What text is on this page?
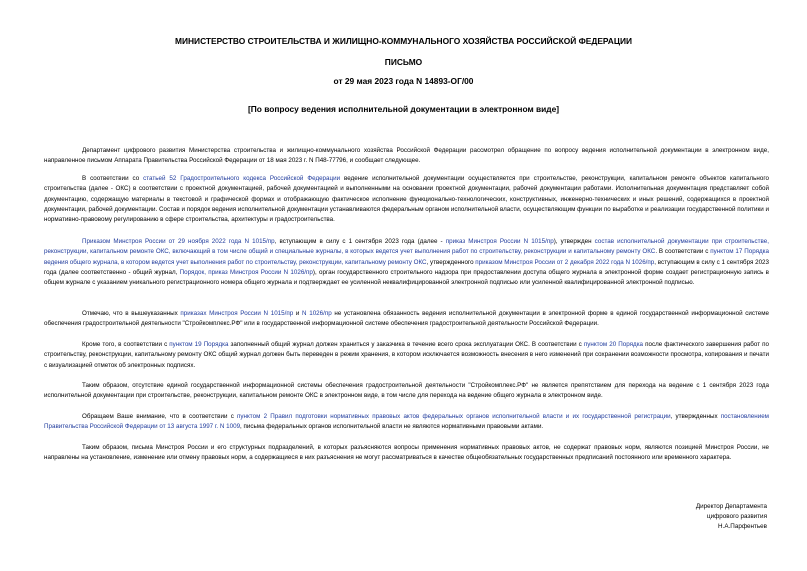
МИНИСТЕРСТВО СТРОИТЕЛЬСТВА И ЖИЛИЩНО-КОММУНАЛЬНОГО ХОЗЯЙСТВА РОССИЙСКОЙ ФЕДЕРАЦИИ
ПИСЬМО
от 29 мая 2023 года N 14893-ОГ/00
[По вопросу ведения исполнительной документации в электронном виде]

Департамент цифрового развития Министерства строительства и жилищно-коммунального хозяйства Российской Федерации рассмотрел обращение по вопросу ведения исполнительной документации в электронном виде, направленное письмом Аппарата Правительства Российской Федерации от 18 мая 2023 г. N П48-77796, и сообщает следующее.

В соответствии со статьей 52 Градостроительного кодекса Российской Федерации ведение исполнительной документации осуществляется при строительстве, реконструкции, капитальном ремонте объектов капитального строительства (далее - ОКС) в соответствии с проектной документацией, рабочей документацией и выполненными на основании проектной документации, рабочей документации работами. Исполнительная документация представляет собой документацию, содержащую материалы в текстовой и графической формах и отображающую фактическое исполнение функционально-технологических, конструктивных, инженерно-технических и иных решений, содержащихся в проектной документации, рабочей документации. Состав и порядок ведения исполнительной документации устанавливаются федеральным органом исполнительной власти, осуществляющим функции по выработке и реализации государственной политики и нормативно-правовому регулированию в сфере строительства, архитектуры и градостроительства.

Приказом Минстроя России от 29 ноября 2022 года N 1015/пр, вступающим в силу с 1 сентября 2023 года (далее - приказ Минстроя России N 1015/пр), утвержден состав исполнительной документации при строительстве, реконструкции, капитальном ремонте ОКС, включающий в том числе общий и специальные журналы, в которых ведется учет выполнения работ по строительству, реконструкции и капитальному ремонту ОКС. В соответствии с пунктом 17 Порядка ведения общего журнала, в котором ведется учет выполнения работ по строительству, реконструкции, капитальному ремонту ОКС, утвержденного приказом Минстроя России от 2 декабря 2022 года N 1026/пр, вступающим в силу с 1 сентября 2023 года (далее соответственно - общий журнал, Порядок, приказ Минстроя России N 1026/пр), орган государственного строительного надзора при предоставлении доступа общего журнала в электронной форме создает регистрационную запись в общем журнале с указанием уникального регистрационного номера общего журнала и подтверждает ее усиленной неквалифицированной электронной подписью или усиленной квалифицированной электронной подписью.

Отмечаю, что в вышеуказанных приказах Минстроя России N 1015/пр и N 1026/пр не установлена обязанность ведения исполнительной документации в электронной форме в единой государственной информационной системе обеспечения градостроительной деятельности "Стройкомплекс.РФ" или в государственной информационной системе обеспечения градостроительной деятельности Российской Федерации.

Кроме того, в соответствии с пунктом 19 Порядка заполненный общий журнал должен храниться у заказчика в течение всего срока эксплуатации ОКС. В соответствии с пунктом 20 Порядка после фактического завершения работ по строительству, реконструкции, капитальному ремонту ОКС общий журнал должен быть переведен в режим хранения, в котором исключается возможность внесения в него изменений при сохранении возможности просмотра, копирования и печати с визуализацией отметок об электронных подписях.

Таким образом, отсутствие единой государственной информационной системы обеспечения градостроительной деятельности "Стройкомплекс.РФ" не является препятствием для перехода на ведение с 1 сентября 2023 года исполнительной документации при строительстве, реконструкции, капитальном ремонте ОКС в электронном виде, в том числе для перехода на ведение общего журнала в электронном виде.

Обращаем Ваше внимание, что в соответствии с пунктом 2 Правил подготовки нормативных правовых актов федеральных органов исполнительной власти и их государственной регистрации, утвержденных постановлением Правительства Российской Федерации от 13 августа 1997 г. N 1009, письма федеральных органов исполнительной власти не являются нормативными правовыми актами.

Таким образом, письма Минстроя России и его структурных подразделений, в которых разъясняются вопросы применения нормативных правовых актов, не содержат правовых норм, являются позицией Минстроя России, не направлены на установление, изменение или отмену правовых норм, а содержащиеся в них разъяснения не могут рассматриваться в качестве общеобязательных государственных предписаний постоянного или временного характера.

Директор Департамента
цифрового развития
Н.А.Парфентьев
